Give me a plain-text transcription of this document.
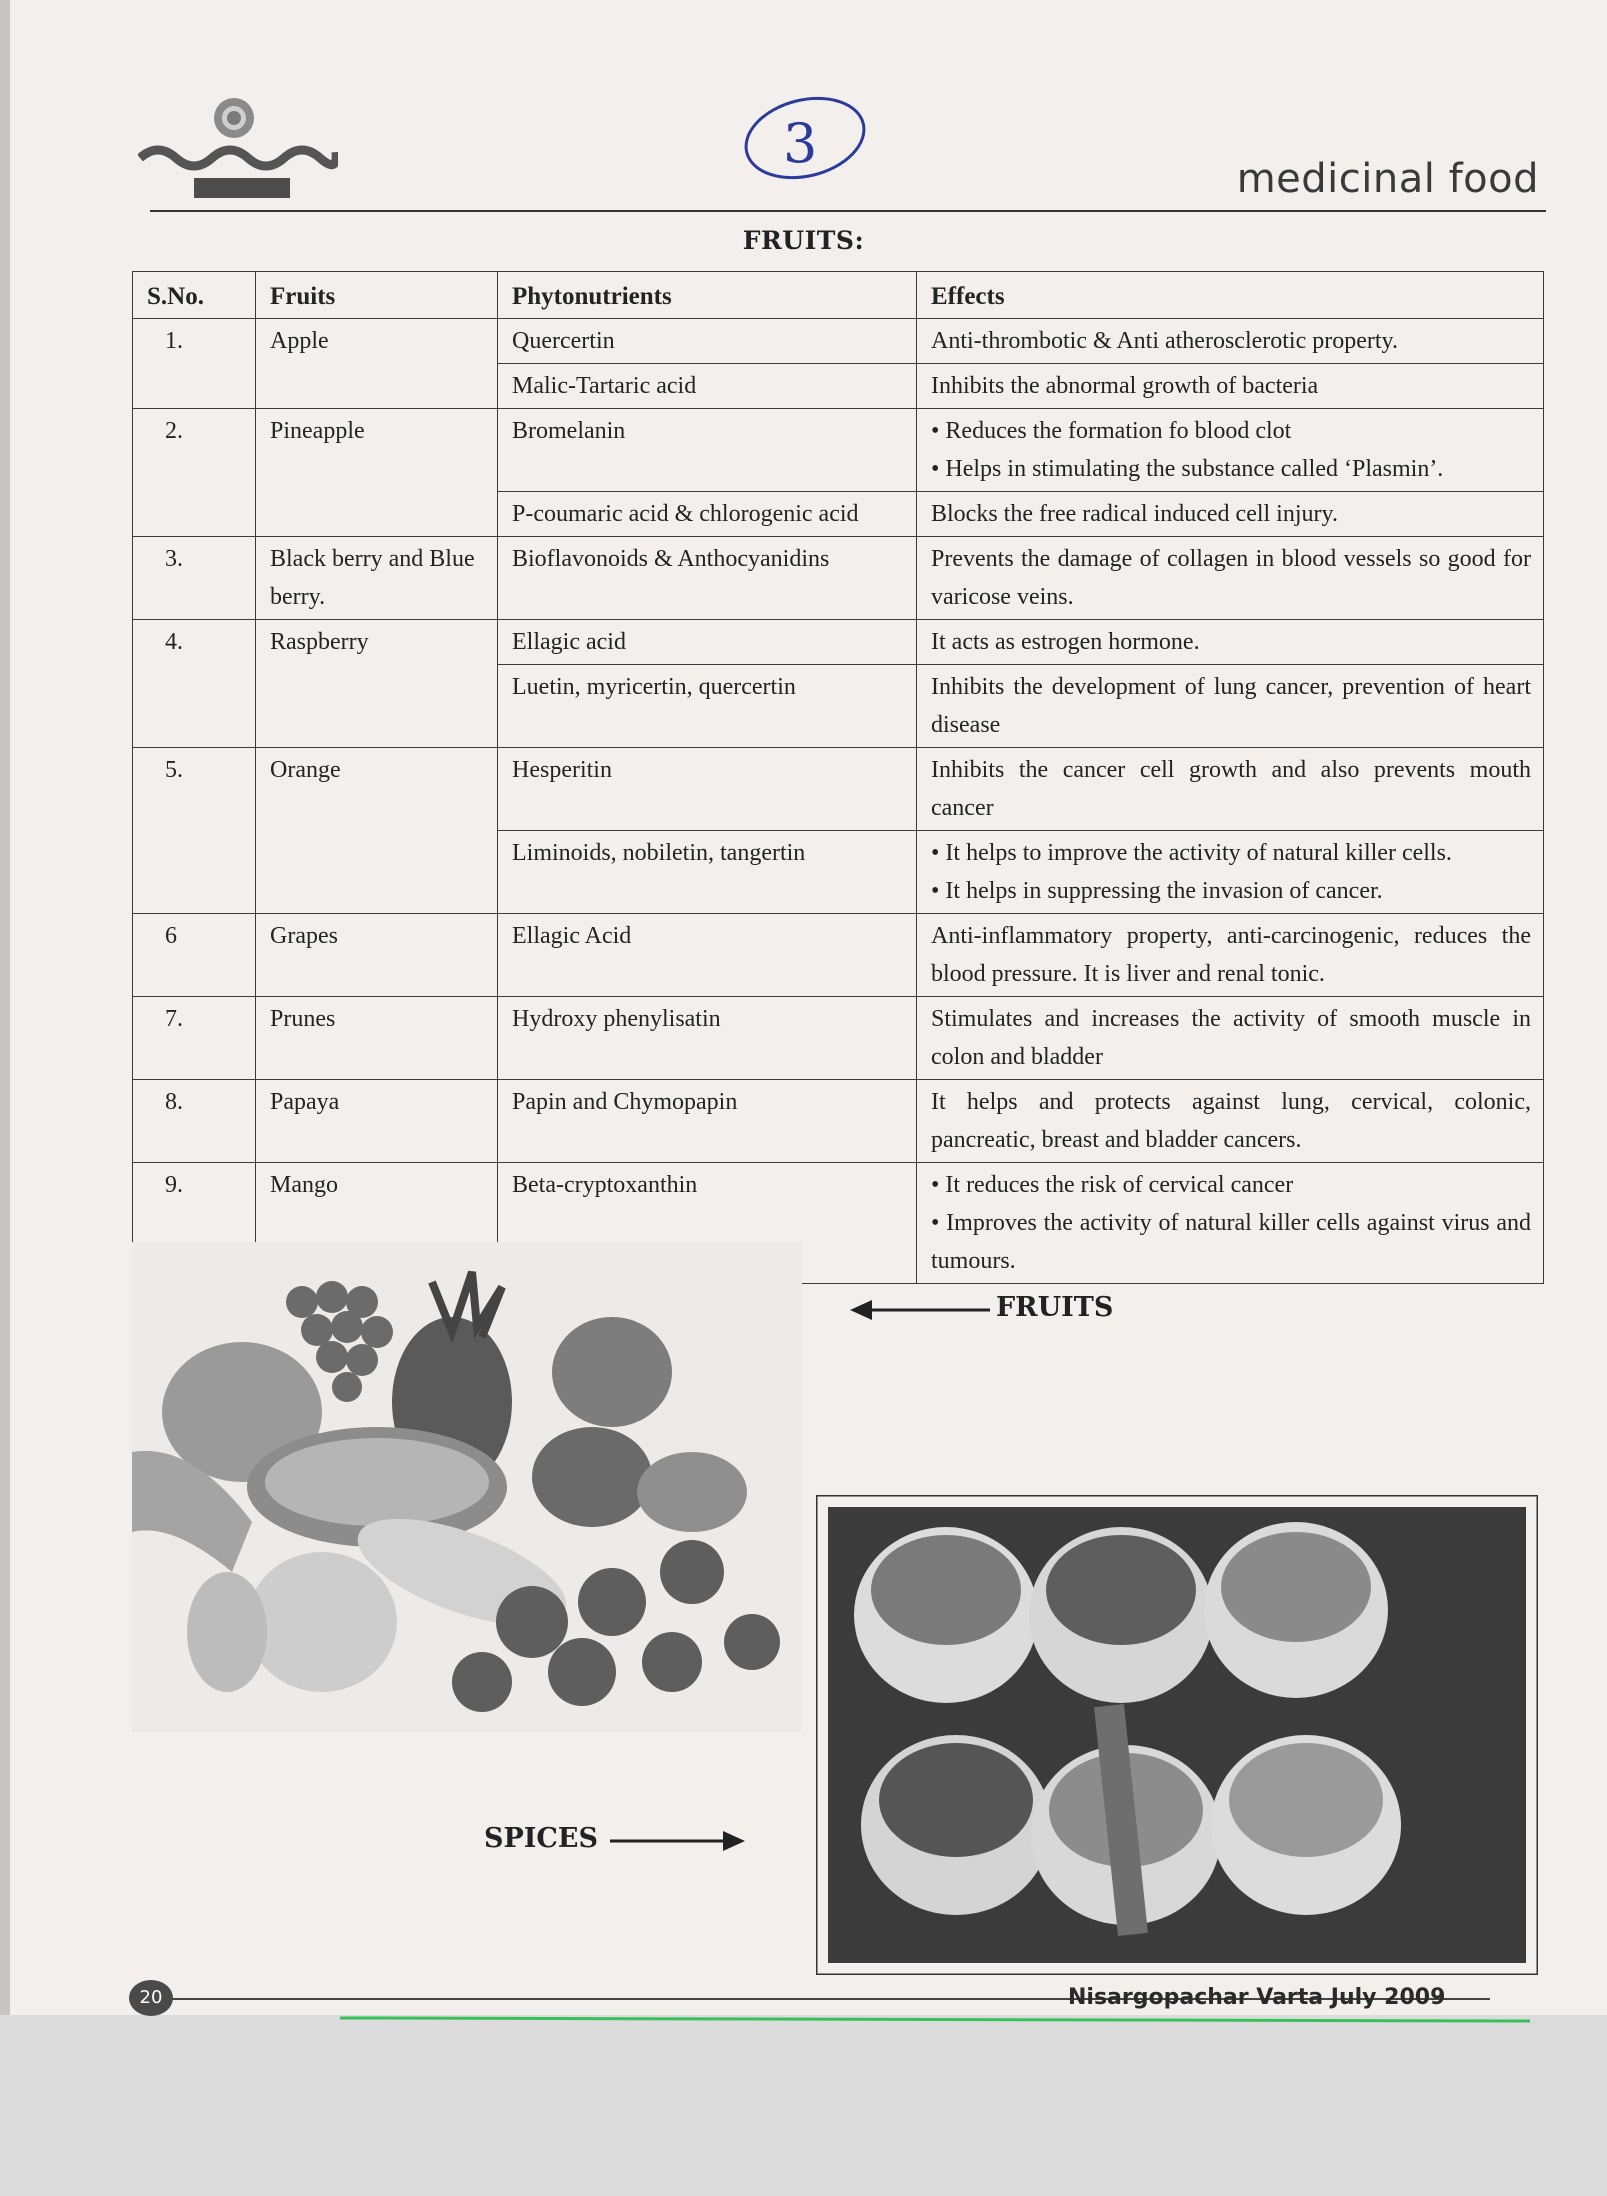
3
medicinal food
FRUITS:
S.No.	Fruits	Phytonutrients	Effects
1.	Apple	Quercertin	Anti-thrombotic & Anti atherosclerotic property.

		Malic-Tartaric acid	Inhibits the abnormal growth of bacteria

2.	Pineapple	Bromelanin	• Reduces the formation fo blood clot
• Helps in stimulating the substance called ‘Plasmin’.

		P-coumaric acid & chlorogenic acid	Blocks the free radical induced cell injury.

3.	Black berry and Blue berry.	Bioflavonoids & Anthocyanidins	Prevents the damage of collagen in blood vessels so good for varicose veins.

4.	Raspberry	Ellagic acid	It acts as estrogen hormone.

		Luetin, myricertin, quercertin	Inhibits the development of lung cancer, prevention of heart disease

5.	Orange	Hesperitin	Inhibits the cancer cell growth and also prevents mouth cancer

		Liminoids, nobiletin, tangertin	• It helps to improve the activity of natural killer cells.
• It helps in suppressing the invasion of cancer.

6	Grapes	Ellagic Acid	Anti-inflammatory property, anti-carcinogenic, reduces the blood pressure. It is liver and renal tonic.

7.	Prunes	Hydroxy phenylisatin	Stimulates and increases the activity of smooth muscle in colon and bladder

8.	Papaya	Papin and Chymopapin	It helps and protects against lung, cervical, colonic, pancreatic, breast and bladder cancers.

9.	Mango	Beta-cryptoxanthin	• It reduces the risk of cervical cancer
• Improves the activity of natural killer cells against virus and tumours.
FRUITS
SPICES
20	Nisargopachar Varta July 2009
